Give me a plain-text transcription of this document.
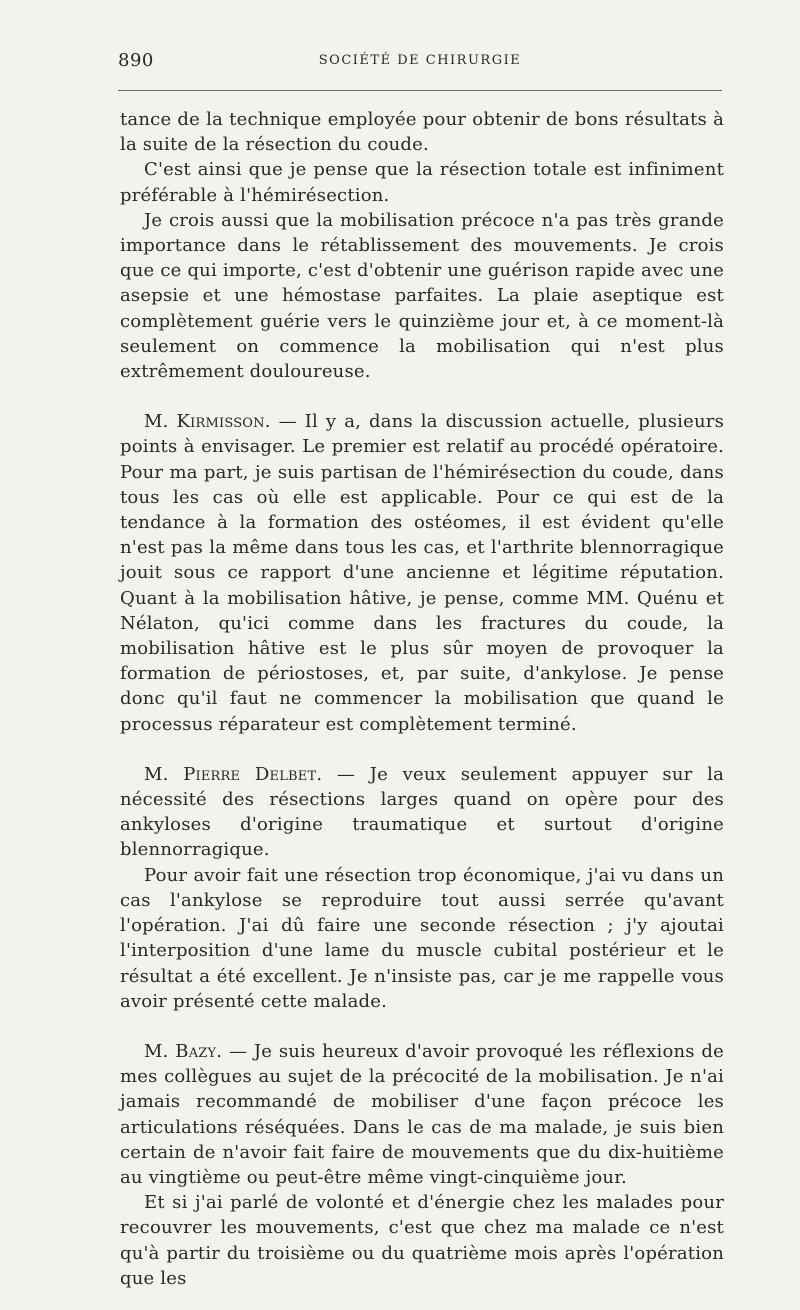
890	SOCIÉTÉ DE CHIRURGIE

tance de la technique employée pour obtenir de bons résultats à la suite de la résection du coude.

C'est ainsi que je pense que la résection totale est infiniment préférable à l'hémirésection.

Je crois aussi que la mobilisation précoce n'a pas très grande importance dans le rétablissement des mouvements. Je crois que ce qui importe, c'est d'obtenir une guérison rapide avec une asepsie et une hémostase parfaites. La plaie aseptique est complètement guérie vers le quinzième jour et, à ce moment-là seulement on commence la mobilisation qui n'est plus extrêmement douloureuse.

M. Kirmisson. — Il y a, dans la discussion actuelle, plusieurs points à envisager. Le premier est relatif au procédé opératoire. Pour ma part, je suis partisan de l'hémirésection du coude, dans tous les cas où elle est applicable. Pour ce qui est de la tendance à la formation des ostéomes, il est évident qu'elle n'est pas la même dans tous les cas, et l'arthrite blennorragique jouit sous ce rapport d'une ancienne et légitime réputation. Quant à la mobilisation hâtive, je pense, comme MM. Quénu et Nélaton, qu'ici comme dans les fractures du coude, la mobilisation hâtive est le plus sûr moyen de provoquer la formation de périostoses, et, par suite, d'ankylose. Je pense donc qu'il faut ne commencer la mobilisation que quand le processus réparateur est complètement terminé.

M. Pierre Delbet. — Je veux seulement appuyer sur la nécessité des résections larges quand on opère pour des ankyloses d'origine traumatique et surtout d'origine blennorragique.

Pour avoir fait une résection trop économique, j'ai vu dans un cas l'ankylose se reproduire tout aussi serrée qu'avant l'opération. J'ai dû faire une seconde résection ; j'y ajoutai l'interposition d'une lame du muscle cubital postérieur et le résultat a été excellent. Je n'insiste pas, car je me rappelle vous avoir présenté cette malade.

M. Bazy. — Je suis heureux d'avoir provoqué les réflexions de mes collègues au sujet de la précocité de la mobilisation. Je n'ai jamais recommandé de mobiliser d'une façon précoce les articulations réséquées. Dans le cas de ma malade, je suis bien certain de n'avoir fait faire de mouvements que du dix-huitième au vingtième ou peut-être même vingt-cinquième jour.

Et si j'ai parlé de volonté et d'énergie chez les malades pour recouvrer les mouvements, c'est que chez ma malade ce n'est qu'à partir du troisième ou du quatrième mois après l'opération que les
